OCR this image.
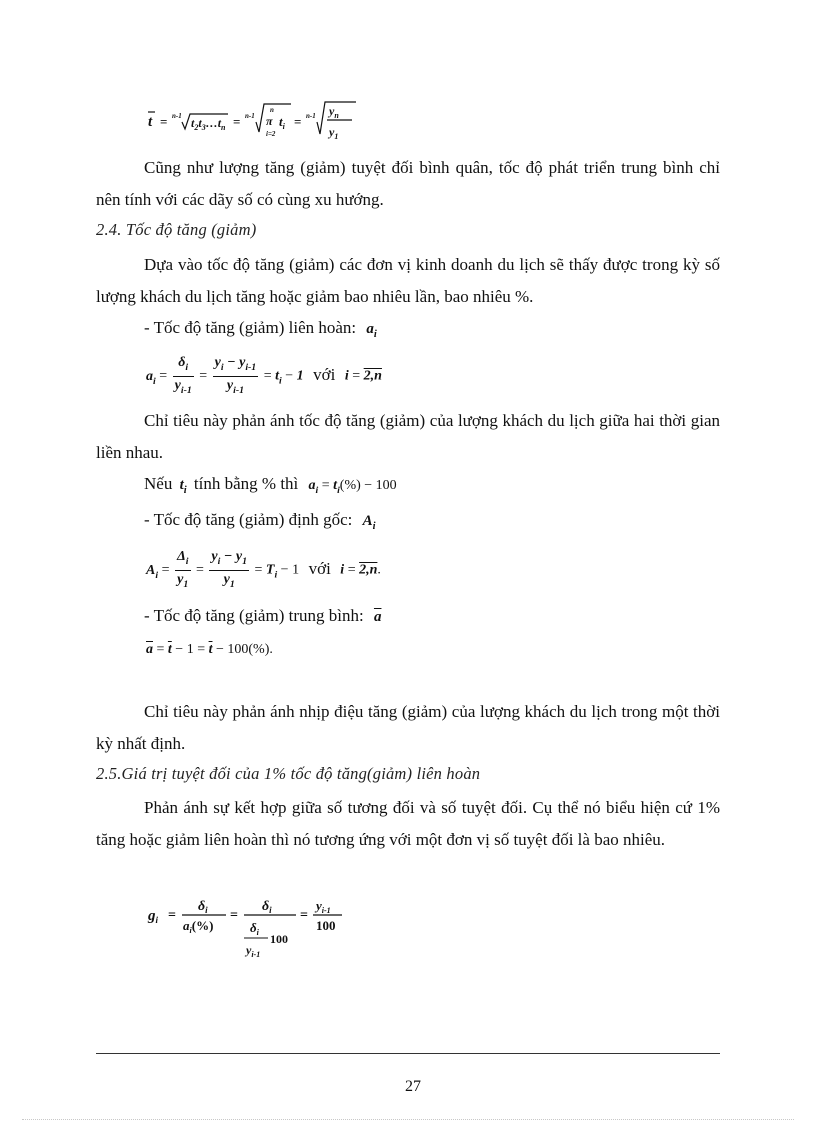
t = n-1 $t_2t_3\dots t_n = n-1$
n
π
i=2
$t_i = n-1$ $y_n$
$y_1$
Cũng như lượng tăng (giảm) tuyệt đối bình quân, tốc độ phát triển trung bình chỉ nên tính với các dãy số có cùng xu hướng.
2.4. Tốc độ tăng (giảm)
Dựa vào tốc độ tăng (giảm) các đơn vị kinh doanh du lịch sẽ thấy được trong kỳ số lượng khách du lịch tăng hoặc giảm bao nhiêu lần, bao nhiêu %.
- Tốc độ tăng (giảm) liên hoàn: $a_i$
$a_i = \frac{\delta_i}{y_{i-1}} = \frac{y_i - y_{i-1}}{y_{i-1}} = t_i - 1$ với i = 2,n
Chỉ tiêu này phản ánh tốc độ tăng (giảm) của lượng khách du lịch giữa hai thời gian liền nhau.
Nếu $t_i$ tính bằng % thì $a_i = t_i(\%) - 100$
- Tốc độ tăng (giảm) định gốc: $A_i$
$A_i = \frac{\Delta_i}{y_1} = \frac{y_i - y_1}{y_1} = T_i - 1$ với i = 2,n.
- Tốc độ tăng (giảm) trung bình: $\overline{a}$
$\overline{a} = \overline{t} - 1 = \overline{t} - 100(\%)$.
Chỉ tiêu này phản ánh nhịp điệu tăng (giảm) của lượng khách du lịch trong một thời kỳ nhất định.
2.5.Giá trị tuyệt đối của 1% tốc độ tăng(giảm) liên hoàn
Phản ánh sự kết hợp giữa số tương đối và số tuyệt đối. Cụ thể nó biểu hiện cứ 1% tăng hoặc giảm liên hoàn thì nó tương ứng với một đơn vị số tuyệt đối là bao nhiêu.
$g_i$ =
$\delta_i$
$a_i(\%)$
=
$\delta_i$
$\delta_i$
$y_{i-1}$
100
=
$y_{i-1}$
100
27
